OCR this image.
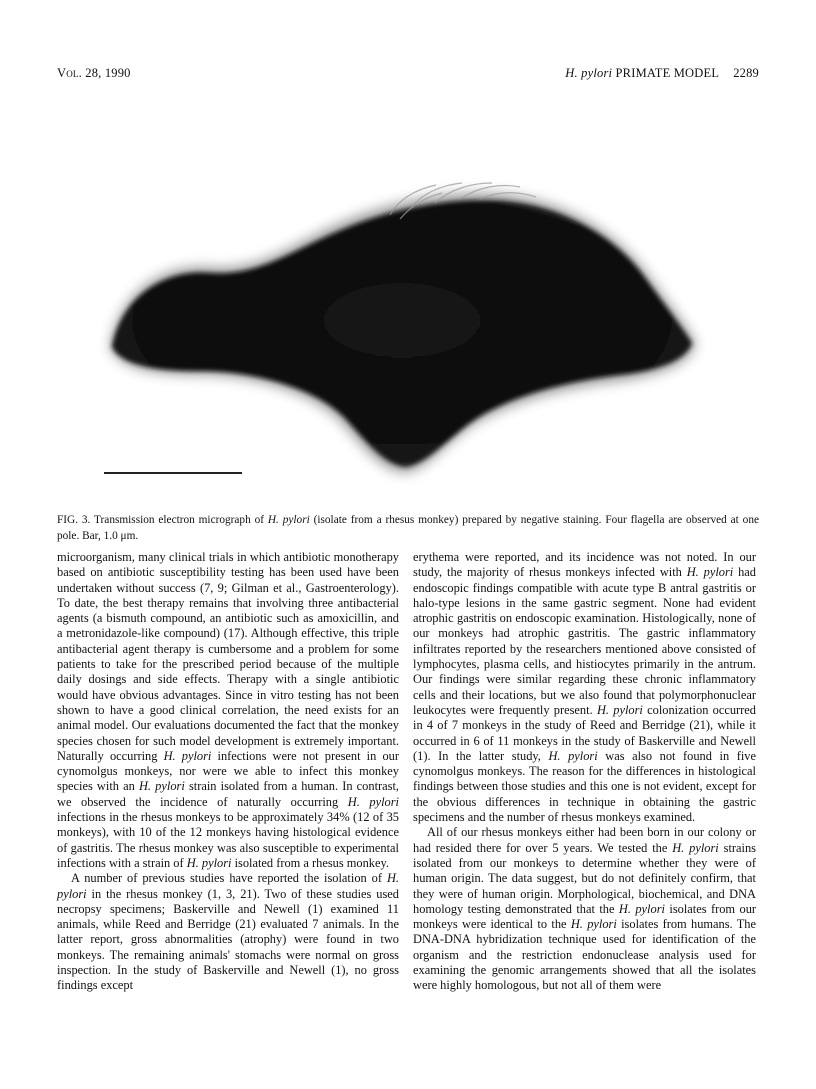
Vol. 28, 1990	H. pylori PRIMATE MODEL 2289
FIG. 3. Transmission electron micrograph of H. pylori (isolate from a rhesus monkey) prepared by negative staining. Four flagella are observed at one pole. Bar, 1.0 μm.

microorganism, many clinical trials in which antibiotic monotherapy based on antibiotic susceptibility testing has been used have been undertaken without success (7, 9; Gilman et al., Gastroenterology). To date, the best therapy remains that involving three antibacterial agents (a bismuth compound, an antibiotic such as amoxicillin, and a metronidazole-like compound) (17). Although effective, this triple antibacterial agent therapy is cumbersome and a problem for some patients to take for the prescribed period because of the multiple daily dosings and side effects. Therapy with a single antibiotic would have obvious advantages. Since in vitro testing has not been shown to have a good clinical correlation, the need exists for an animal model. Our evaluations documented the fact that the monkey species chosen for such model development is extremely important. Naturally occurring H. pylori infections were not present in our cynomolgus monkeys, nor were we able to infect this monkey species with an H. pylori strain isolated from a human. In contrast, we observed the incidence of naturally occurring H. pylori infections in the rhesus monkeys to be approximately 34% (12 of 35 monkeys), with 10 of the 12 monkeys having histological evidence of gastritis. The rhesus monkey was also susceptible to experimental infections with a strain of H. pylori isolated from a rhesus monkey.

A number of previous studies have reported the isolation of H. pylori in the rhesus monkey (1, 3, 21). Two of these studies used necropsy specimens; Baskerville and Newell (1) examined 11 animals, while Reed and Berridge (21) evaluated 7 animals. In the latter report, gross abnormalities (atrophy) were found in two monkeys. The remaining animals' stomachs were normal on gross inspection. In the study of Baskerville and Newell (1), no gross findings except

erythema were reported, and its incidence was not noted. In our study, the majority of rhesus monkeys infected with H. pylori had endoscopic findings compatible with acute type B antral gastritis or halo-type lesions in the same gastric segment. None had evident atrophic gastritis on endoscopic examination. Histologically, none of our monkeys had atrophic gastritis. The gastric inflammatory infiltrates reported by the researchers mentioned above consisted of lymphocytes, plasma cells, and histiocytes primarily in the antrum. Our findings were similar regarding these chronic inflammatory cells and their locations, but we also found that polymorphonuclear leukocytes were frequently present. H. pylori colonization occurred in 4 of 7 monkeys in the study of Reed and Berridge (21), while it occurred in 6 of 11 monkeys in the study of Baskerville and Newell (1). In the latter study, H. pylori was also not found in five cynomolgus monkeys. The reason for the differences in histological findings between those studies and this one is not evident, except for the obvious differences in technique in obtaining the gastric specimens and the number of rhesus monkeys examined.

All of our rhesus monkeys either had been born in our colony or had resided there for over 5 years. We tested the H. pylori strains isolated from our monkeys to determine whether they were of human origin. The data suggest, but do not definitely confirm, that they were of human origin. Morphological, biochemical, and DNA homology testing demonstrated that the H. pylori isolates from our monkeys were identical to the H. pylori isolates from humans. The DNA-DNA hybridization technique used for identification of the organism and the restriction endonuclease analysis used for examining the genomic arrangements showed that all the isolates were highly homologous, but not all of them were
